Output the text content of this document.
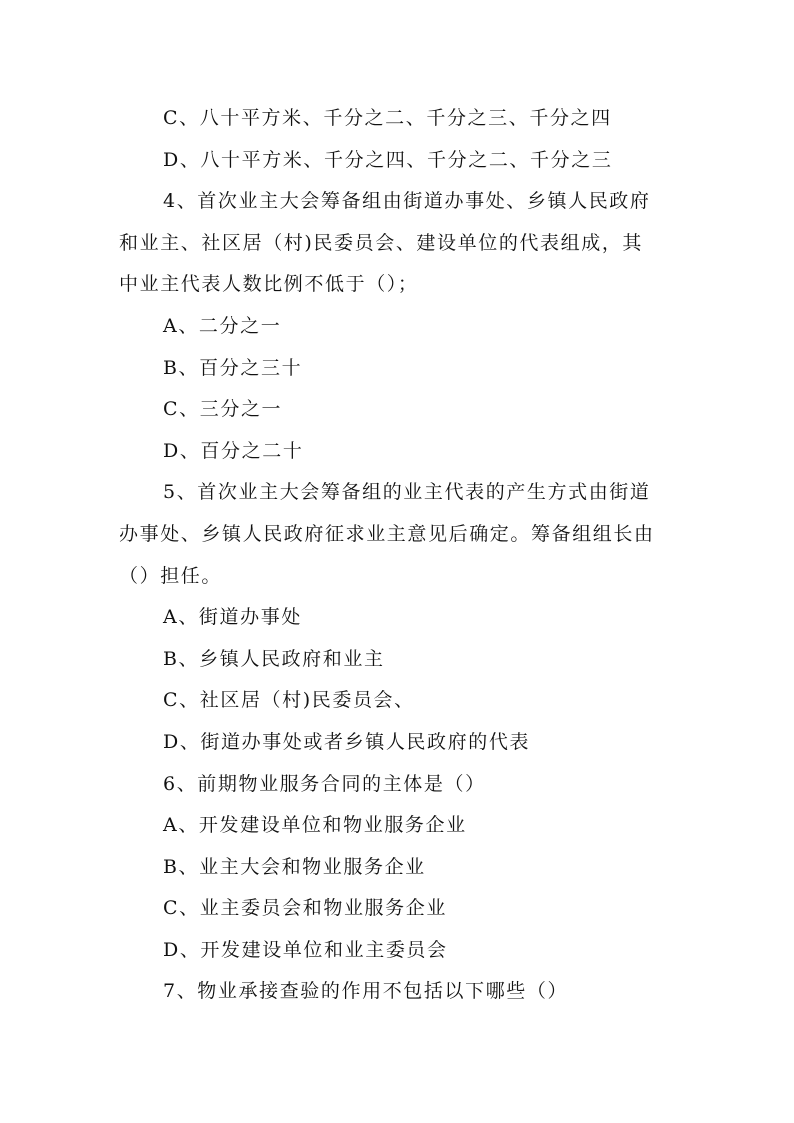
C、八十平方米、千分之二、千分之三、千分之四
D、八十平方米、千分之四、千分之二、千分之三
4、首次业主大会筹备组由街道办事处、乡镇人民政府
和业主、社区居（村)民委员会、建设单位的代表组成，其
中业主代表人数比例不低于（）；
A、二分之一
B、百分之三十
C、三分之一
D、百分之二十
5、首次业主大会筹备组的业主代表的产生方式由街道
办事处、乡镇人民政府征求业主意见后确定。筹备组组长由
（）担任。
A、街道办事处
B、乡镇人民政府和业主
C、社区居（村)民委员会、
D、街道办事处或者乡镇人民政府的代表
6、前期物业服务合同的主体是（）
A、开发建设单位和物业服务企业
B、业主大会和物业服务企业
C、业主委员会和物业服务企业
D、开发建设单位和业主委员会
7、物业承接查验的作用不包括以下哪些（）
